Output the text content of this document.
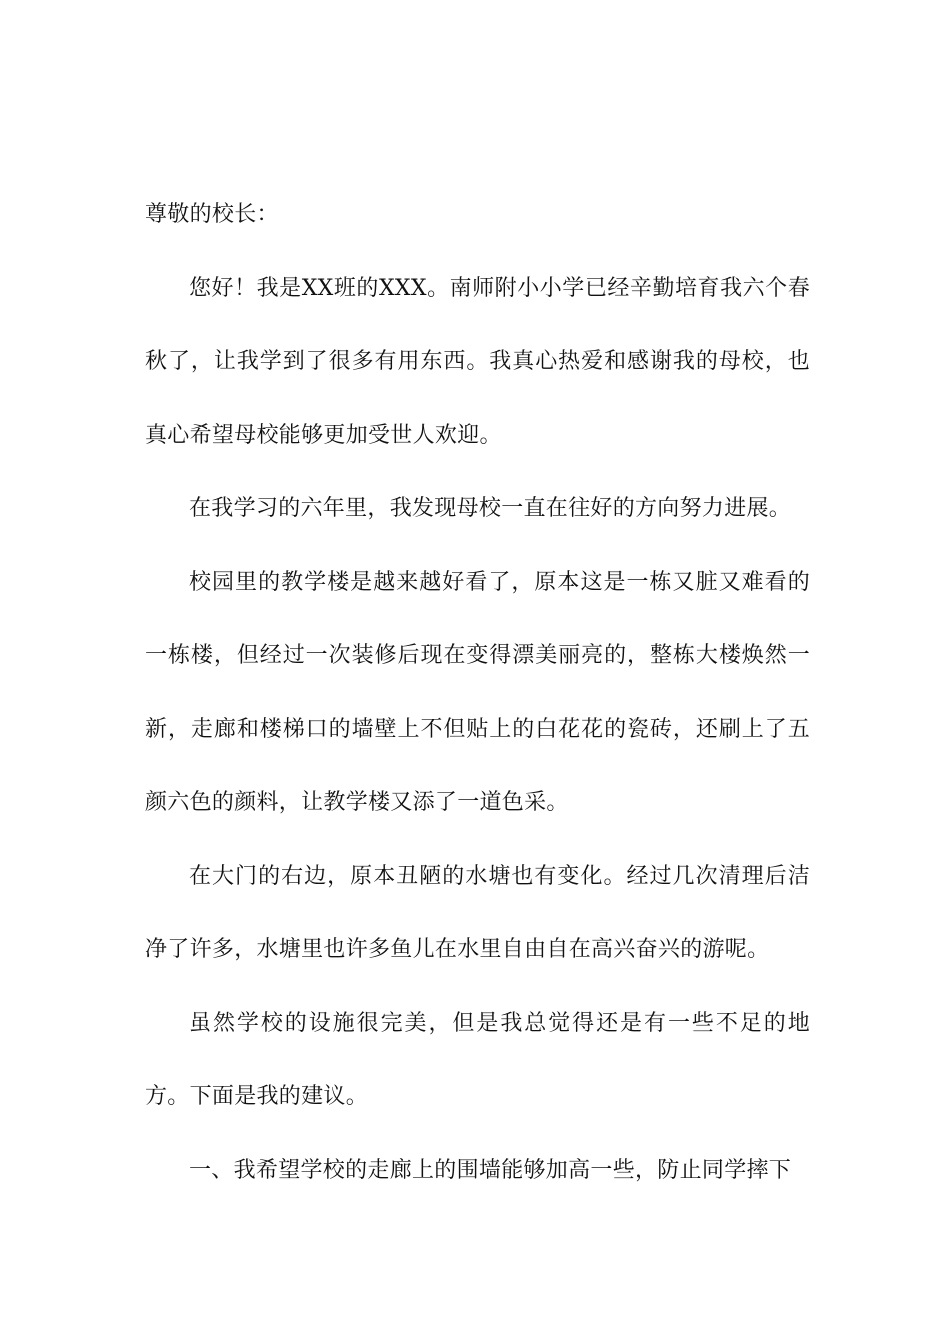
尊敬的校长：

您好！我是XX班的XXX。南师附小小学已经辛勤培育我六个春秋了，让我学到了很多有用东西。我真心热爱和感谢我的母校，也真心希望母校能够更加受世人欢迎。

在我学习的六年里，我发现母校一直在往好的方向努力进展。

校园里的教学楼是越来越好看了，原本这是一栋又脏又难看的一栋楼，但经过一次装修后现在变得漂美丽亮的，整栋大楼焕然一新，走廊和楼梯口的墙壁上不但贴上的白花花的瓷砖，还刷上了五颜六色的颜料，让教学楼又添了一道色采。

在大门的右边，原本丑陋的水塘也有变化。经过几次清理后洁净了许多，水塘里也许多鱼儿在水里自由自在高兴奋兴的游呢。

虽然学校的设施很完美，但是我总觉得还是有一些不足的地方。下面是我的建议。

一、我希望学校的走廊上的围墙能够加高一些，防止同学摔下
